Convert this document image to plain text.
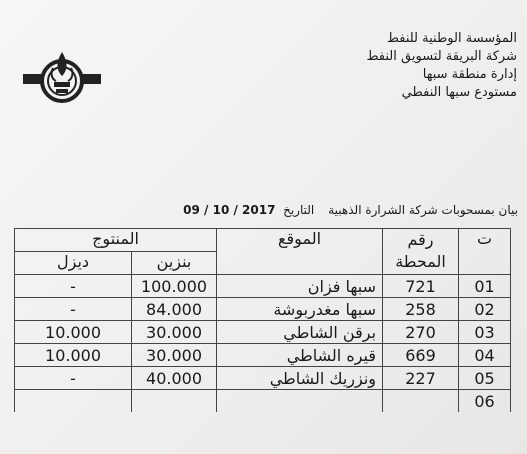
المؤسسة الوطنية للنفط
شركة البريقة لتسويق النفط
إدارة منطقة سبها
مستودع سبها النفطي
بيان بمسحوبات شركة الشرارة الذهبيةالتاريخ  09 / 10 / 2017
ت	رقم المحطة	الموقع	المنتوج	
			بنزين	ديزل
01	721	سبها فزان	100.000	-
02	258	سبها مغدربوشة	84.000	-
03	270	برقن الشاطي	30.000	10.000
04	669	قيره الشاطي	30.000	10.000
05	227	ونزريك الشاطي	40.000	-
06				
